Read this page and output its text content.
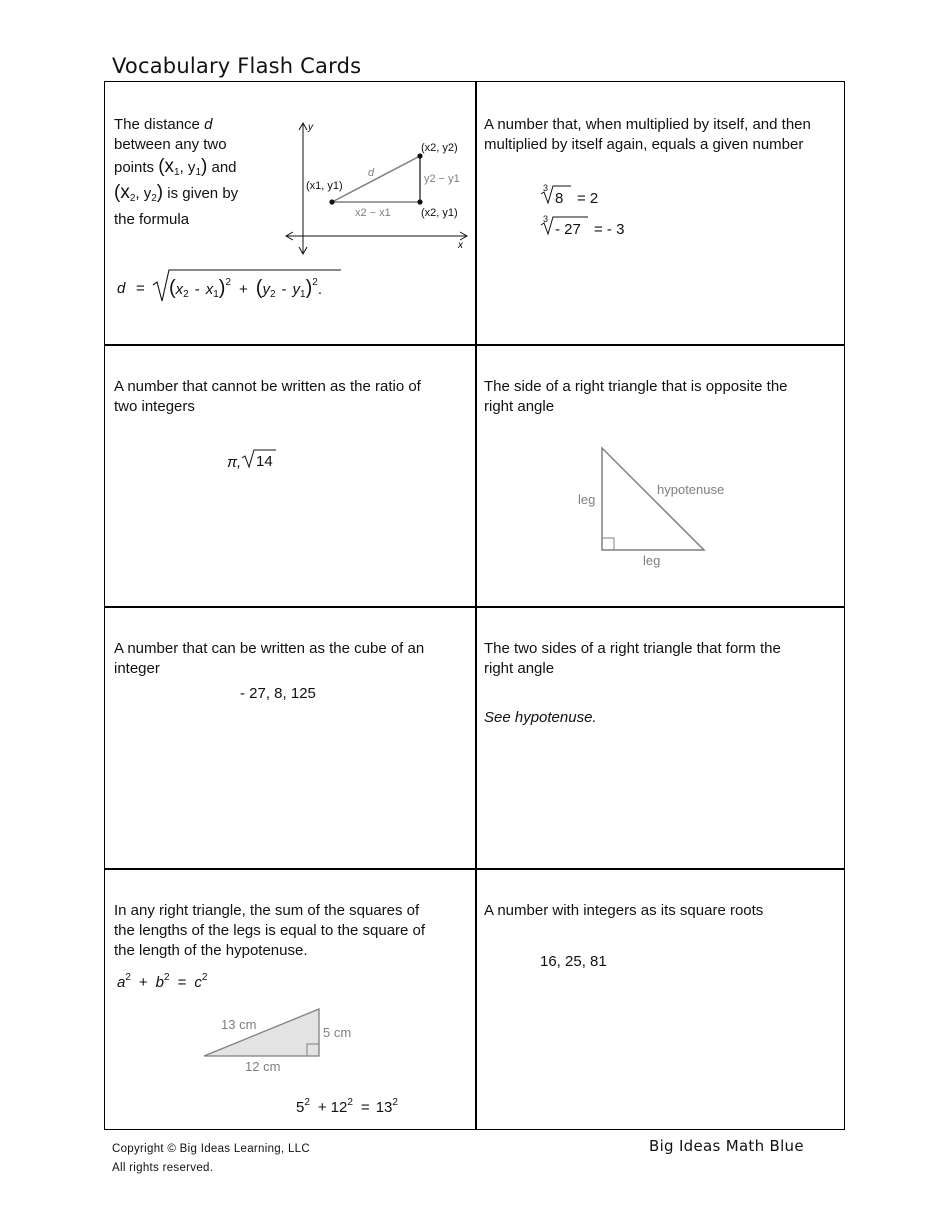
Vocabulary Flash Cards
The distance d
between any two
points ($x_1$, $y_1$) and
($x_2$, $y_2$) is given by
the formula
y
x
d
(x1, y1)
(x2, y2)
(x2, y1)
x2 − x1
y2 − y1
$d = (x_2 - x_1)^2 + (y_2 - y_1)^2$.
A number that, when multiplied by itself, and then
multiplied by itself again, equals a given number
3
8 = 2
3
- 27 = - 3
A number that cannot be written as the ratio of
two integers
π, 14
The side of a right triangle that is opposite the
right angle
leg
hypotenuse
leg
A number that can be written as the cube of an
integer
- 27, 8, 125
The two sides of a right triangle that form the
right angle
See hypotenuse.
In any right triangle, the sum of the squares of
the lengths of the legs is equal to the square of
the length of the hypotenuse.
$a^2 + b^2 = c^2$
13 cm
5 cm
12 cm
$5^2 + 12^2 = 13^2$
A number with integers as its square roots
16, 25, 81
Copyright © Big Ideas Learning, LLC
All rights reserved.
Big Ideas Math Blue
